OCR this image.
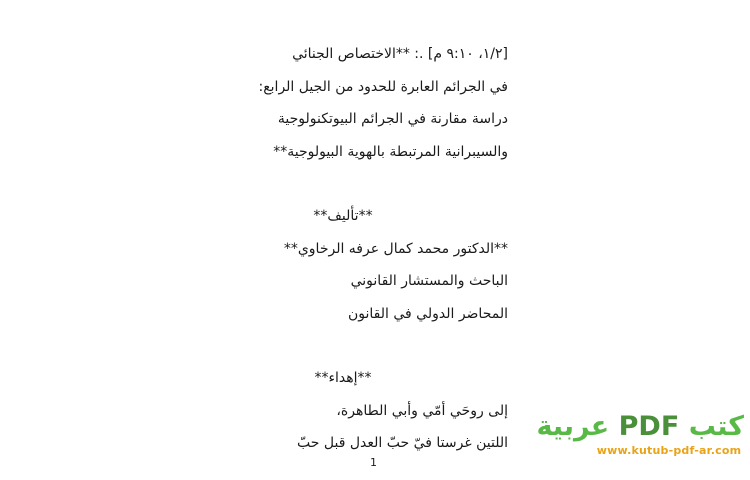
[١/٢، ٩:١٠ م] .: **الاختصاص الجنائي
في الجرائم العابرة للحدود من الجيل الرابع:
دراسة مقارنة في الجرائم البيوتكنولوجية
والسيبرانية المرتبطة بالهوية البيولوجية**
**تأليف**
**الدكتور محمد كمال عرفه الرخاوي**
الباحث والمستشار القانوني
المحاضر الدولي في القانون
**إهداء**
إلى روحَي أمّي وأبي الطاهرة،
اللتين غرستا فيّ حبّ العدل قبل حبّ
1
كتب PDF عربية
www.kutub-pdf-ar.com
